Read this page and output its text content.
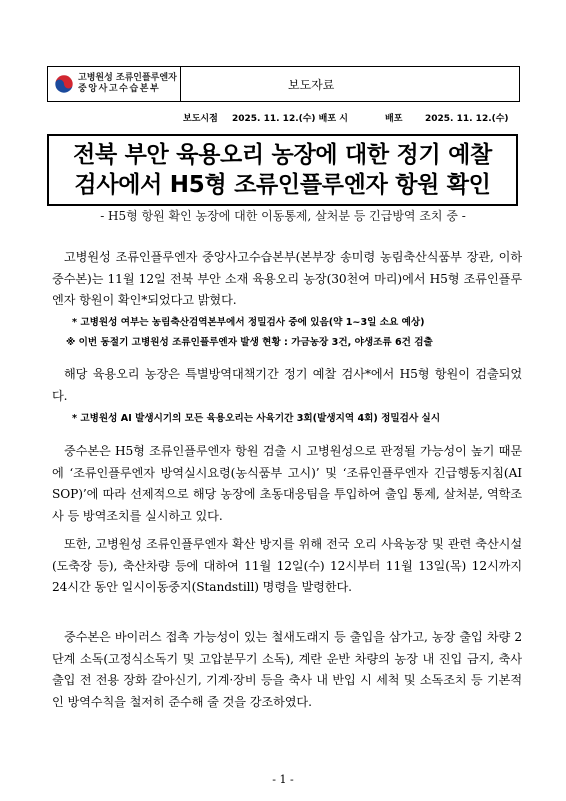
고병원성 조류인플루엔자
중앙사고수습본부	보도자료
보도시점 2025. 11. 12.(수) 배포 시	배포	2025. 11. 12.(수)
전북 부안 육용오리 농장에 대한 정기 예찰
검사에서 H5형 조류인플루엔자 항원 확인
- H5형 항원 확인 농장에 대한 이동통제, 살처분 등 긴급방역 조치 중 -

고병원성 조류인플루엔자 중앙사고수습본부(본부장 송미령 농림축산식품부 장관, 이하 중수본)는 11월 12일 전북 부안 소재 육용오리 농장(30천여 마리)에서 H5형 조류인플루엔자 항원이 확인*되었다고 밝혔다.

* 고병원성 여부는 농림축산검역본부에서 정밀검사 중에 있음(약 1~3일 소요 예상)
※ 이번 동절기 고병원성 조류인플루엔자 발생 현황 : 가금농장 3건, 야생조류 6건 검출

해당 육용오리 농장은 특별방역대책기간 정기 예찰 검사*에서 H5형 항원이 검출되었다.

* 고병원성 AI 발생시기의 모든 육용오리는 사육기간 3회(발생지역 4회) 정밀검사 실시

중수본은 H5형 조류인플루엔자 항원 검출 시 고병원성으로 판정될 가능성이 높기 때문에 ‘조류인플루엔자 방역실시요령(농식품부 고시)’ 및 ‘조류인플루엔자 긴급행동지침(AI SOP)’에 따라 선제적으로 해당 농장에 초동대응팀을 투입하여 출입 통제, 살처분, 역학조사 등 방역조치를 실시하고 있다.

또한, 고병원성 조류인플루엔자 확산 방지를 위해 전국 오리 사육농장 및 관련 축산시설(도축장 등), 축산차량 등에 대하여 11월 12일(수) 12시부터 11월 13일(목) 12시까지 24시간 동안 일시이동중지(Standstill) 명령을 발령한다.

중수본은 바이러스 접촉 가능성이 있는 철새도래지 등 출입을 삼가고, 농장 출입 차량 2단계 소독(고정식소독기 및 고압분무기 소독), 계란 운반 차량의 농장 내 진입 금지, 축사 출입 전 전용 장화 갈아신기, 기계·장비 등을 축사 내 반입 시 세척 및 소독조치 등 기본적인 방역수칙을 철저히 준수해 줄 것을 강조하였다.

- 1 -
